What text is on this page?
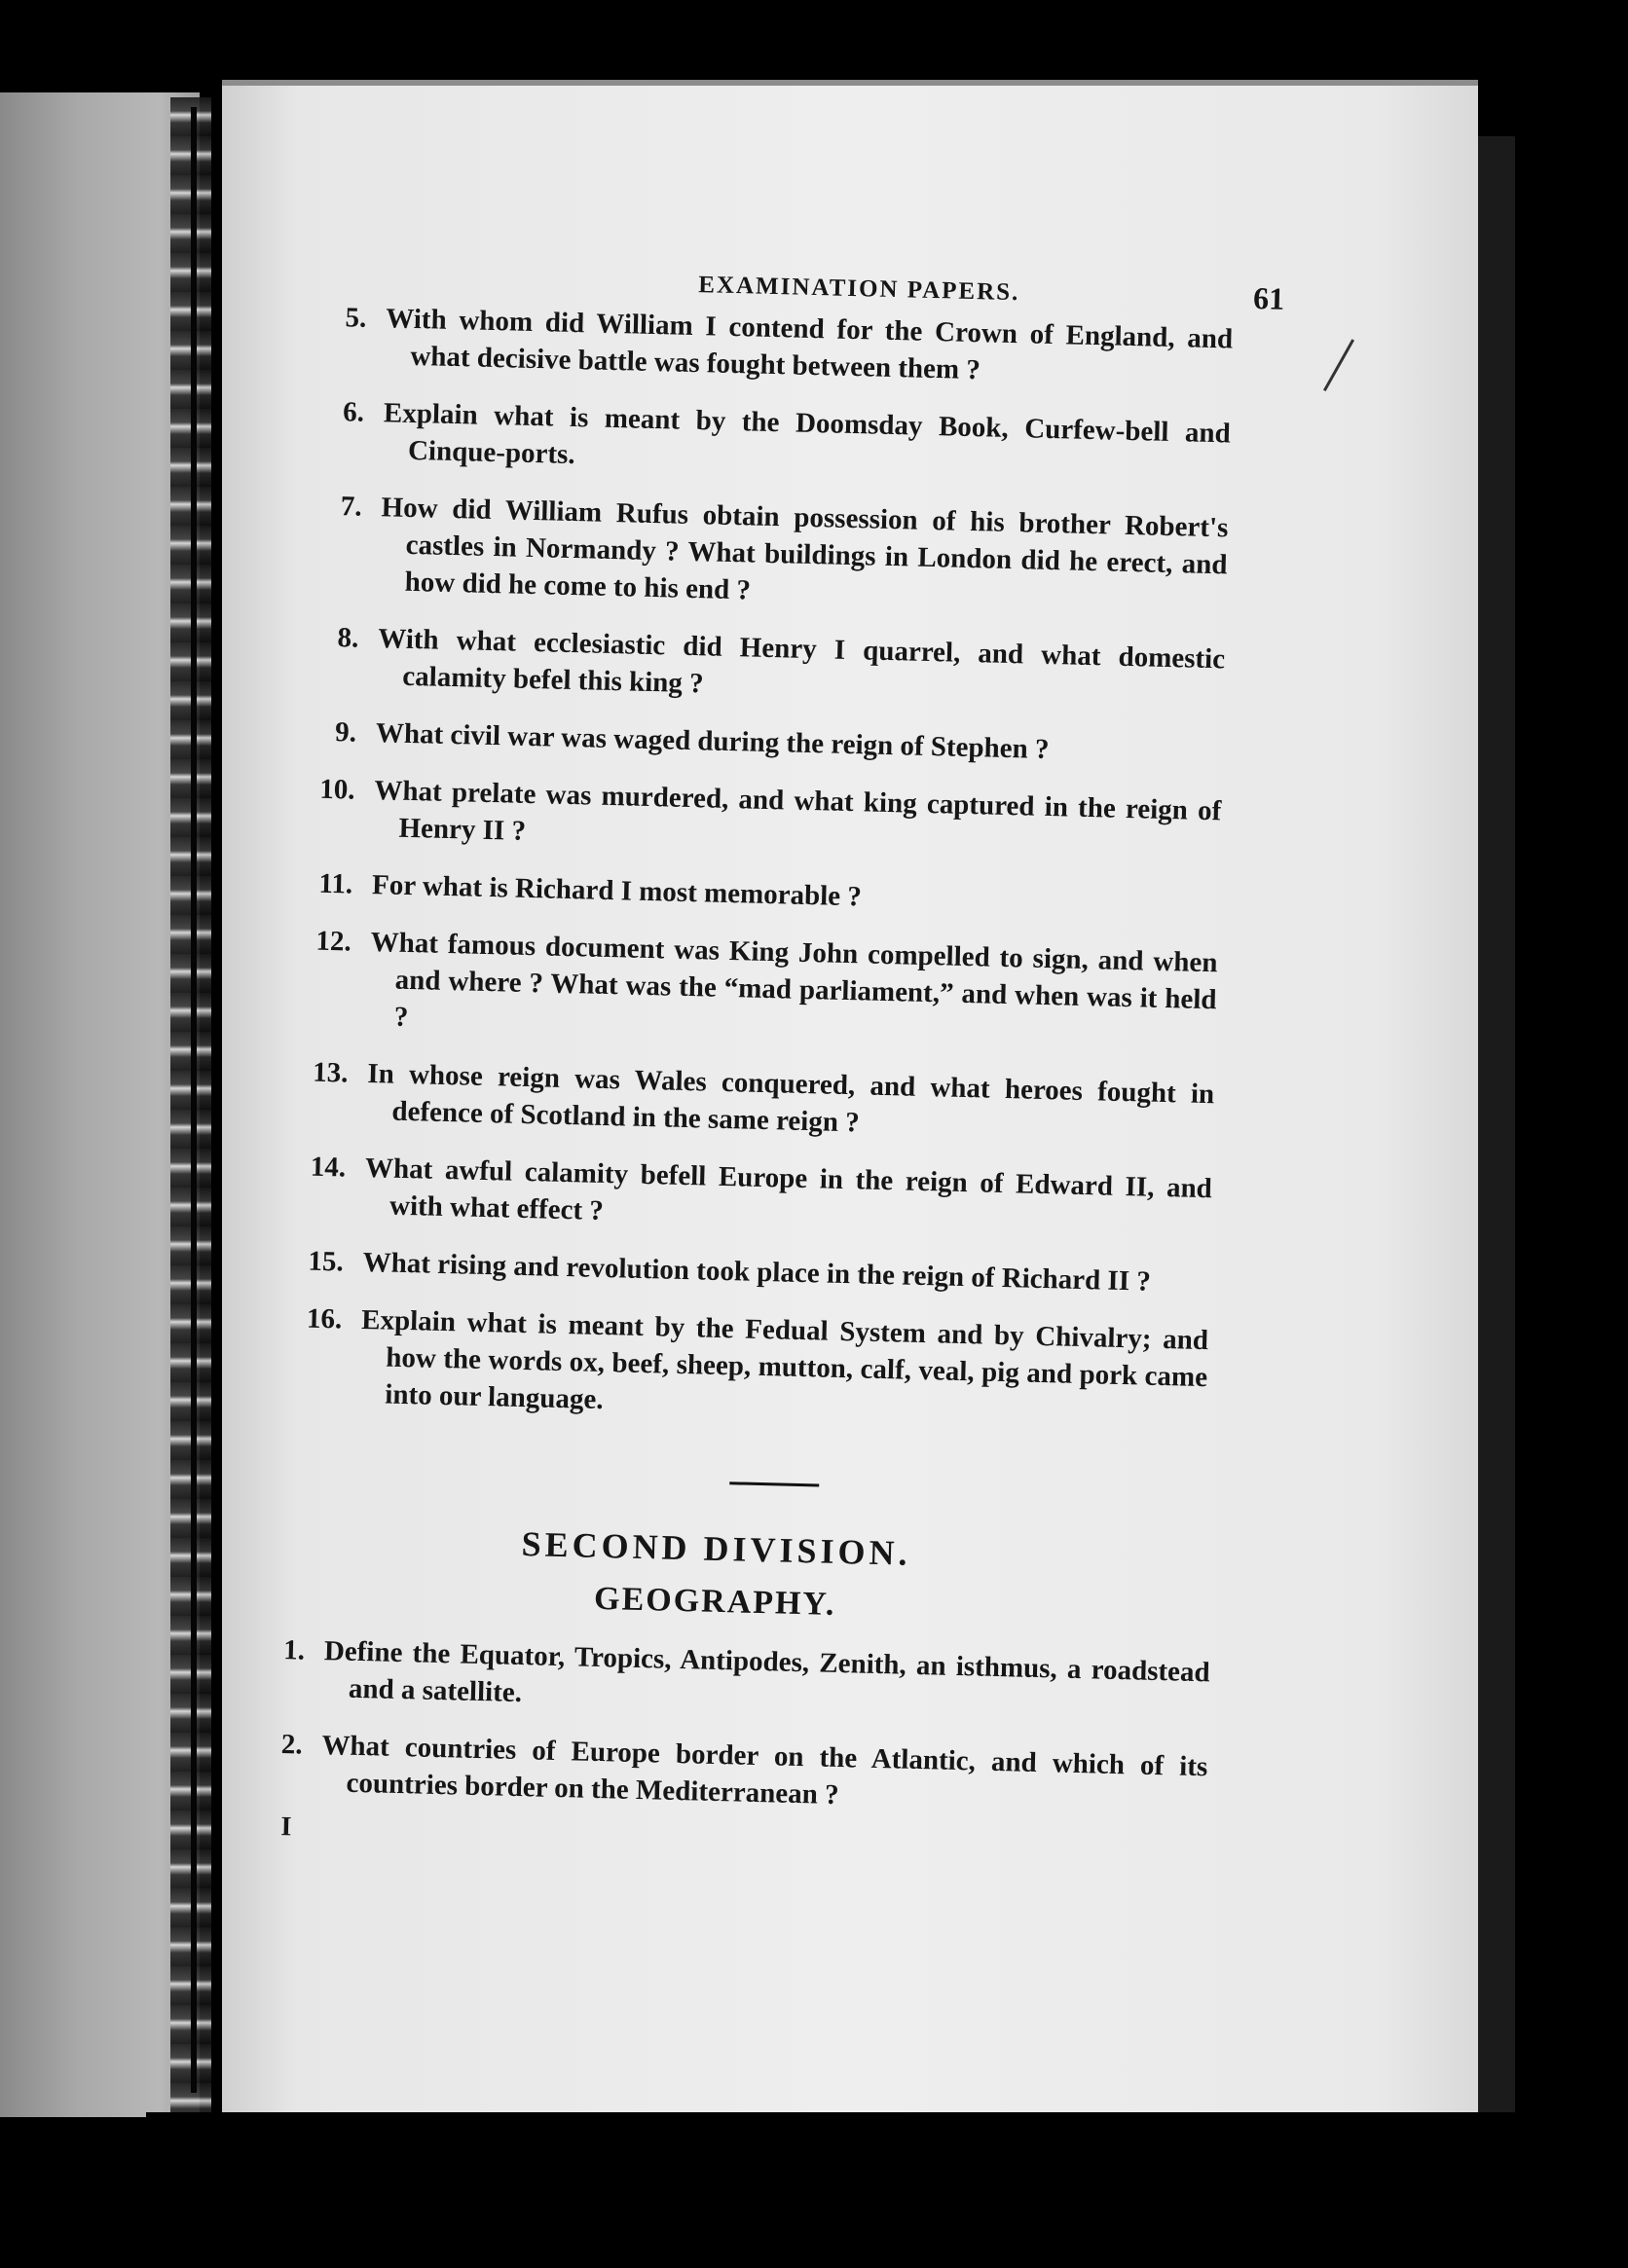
EXAMINATION PAPERS.	61
5. With whom did William I contend for the Crown of England, and what decisive battle was fought between them ?
6. Explain what is meant by the Doomsday Book, Curfew-bell and Cinque-ports.
7. How did William Rufus obtain possession of his brother Robert's castles in Normandy ? What buildings in London did he erect, and how did he come to his end ?
8. With what ecclesiastic did Henry I quarrel, and what domestic calamity befel this king ?
9. What civil war was waged during the reign of Stephen ?
10. What prelate was murdered, and what king captured in the reign of Henry II ?
11. For what is Richard I most memorable ?
12. What famous document was King John compelled to sign, and when and where ? What was the “mad parliament,” and when was it held ?
13. In whose reign was Wales conquered, and what heroes fought in defence of Scotland in the same reign ?
14. What awful calamity befell Europe in the reign of Edward II, and with what effect ?
15. What rising and revolution took place in the reign of Richard II ?
16. Explain what is meant by the Fedual System and by Chivalry; and how the words ox, beef, sheep, mutton, calf, veal, pig and pork came into our language.
SECOND DIVISION.
GEOGRAPHY.
1. Define the Equator, Tropics, Antipodes, Zenith, an isthmus, a roadstead and a satellite.
2. What countries of Europe border on the Atlantic, and which of its countries border on the Mediterranean ?
I
